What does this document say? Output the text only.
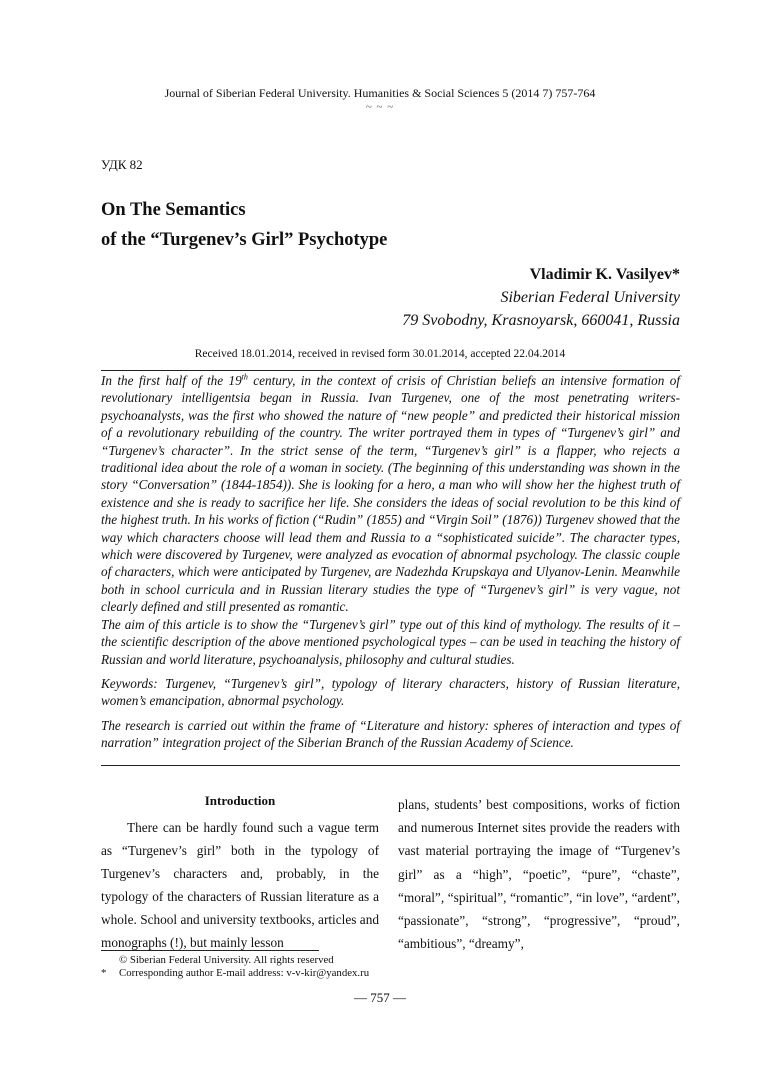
Journal of Siberian Federal University. Humanities & Social Sciences 5 (2014 7) 757-764
~ ~ ~
УДК 82
On The Semantics
of the “Turgenev’s Girl” Psychotype
Vladimir K. Vasilyev*
Siberian Federal University
79 Svobodny, Krasnoyarsk, 660041, Russia
Received 18.01.2014, received in revised form 30.01.2014, accepted 22.04.2014

In the first half of the 19th century, in the context of crisis of Christian beliefs an intensive formation of revolutionary intelligentsia began in Russia. Ivan Turgenev, one of the most penetrating writers-psychoanalysts, was the first who showed the nature of “new people” and predicted their historical mission of a revolutionary rebuilding of the country. The writer portrayed them in types of “Turgenev’s girl” and “Turgenev’s character”. In the strict sense of the term, “Turgenev’s girl” is a flapper, who rejects a traditional idea about the role of a woman in society. (The beginning of this understanding was shown in the story “Conversation” (1844-1854)). She is looking for a hero, a man who will show her the highest truth of existence and she is ready to sacrifice her life. She considers the ideas of social revolution to be this kind of the highest truth. In his works of fiction (“Rudin” (1855) and “Virgin Soil” (1876)) Turgenev showed that the way which characters choose will lead them and Russia to a “sophisticated suicide”. The character types, which were discovered by Turgenev, were analyzed as evocation of abnormal psychology. The classic couple of characters, which were anticipated by Turgenev, are Nadezhda Krupskaya and Ulyanov-Lenin. Meanwhile both in school curricula and in Russian literary studies the type of “Turgenev’s girl” is very vague, not clearly defined and still presented as romantic.

The aim of this article is to show the “Turgenev’s girl” type out of this kind of mythology. The results of it – the scientific description of the above mentioned psychological types – can be used in teaching the history of Russian and world literature, psychoanalysis, philosophy and cultural studies.

Keywords: Turgenev, “Turgenev’s girl”, typology of literary characters, history of Russian literature, women’s emancipation, abnormal psychology.

The research is carried out within the frame of “Literature and history: spheres of interaction and types of narration” integration project of the Siberian Branch of the Russian Academy of Science.

Introduction
There can be hardly found such a vague term as “Turgenev’s girl” both in the typology of Turgenev’s characters and, probably, in the typology of the characters of Russian literature as a whole. School and university textbooks, articles and monographs (!), but mainly lesson
plans, students’ best compositions, works of fiction and numerous Internet sites provide the readers with vast material portraying the image of “Turgenev’s girl” as a “high”, “poetic”, “pure”, “chaste”, “moral”, “spiritual”, “romantic”, “in love”, “ardent”, “passionate”, “strong”, “progressive”, “proud”, “ambitious”, “dreamy”,
© Siberian Federal University. All rights reserved
* Corresponding author E-mail address: v-v-kir@yandex.ru
— 757 —
